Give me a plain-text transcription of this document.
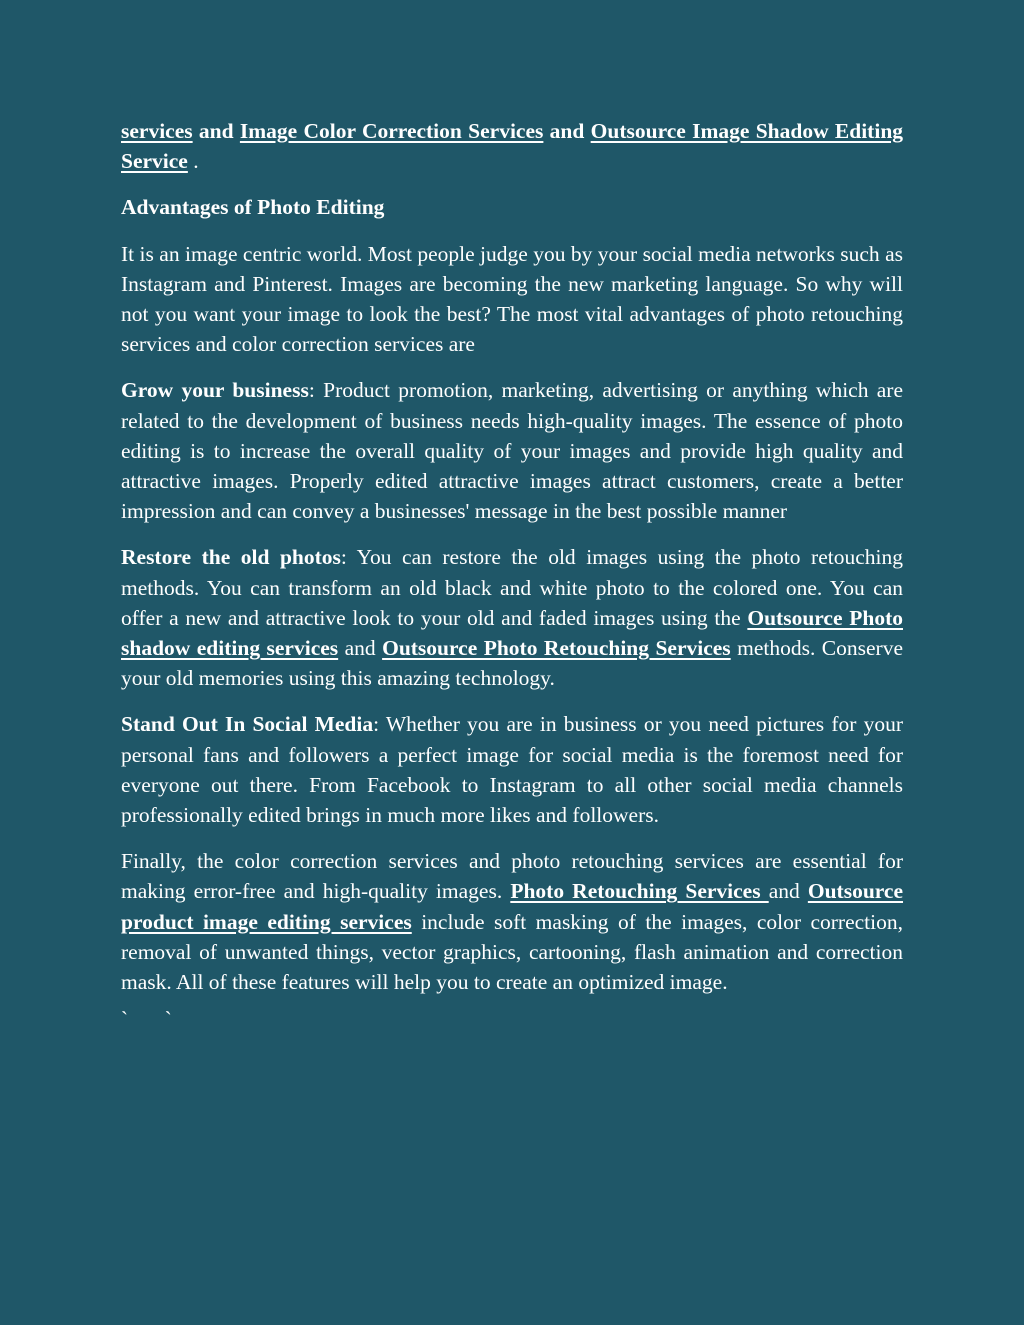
services and Image Color Correction Services and Outsource Image Shadow Editing Service .

Advantages of Photo Editing

It is an image centric world. Most people judge you by your social media networks such as Instagram and Pinterest. Images are becoming the new marketing language. So why will not you want your image to look the best? The most vital advantages of photo retouching services and color correction services are

Grow your business: Product promotion, marketing, advertising or anything which are related to the development of business needs high-quality images. The essence of photo editing is to increase the overall quality of your images and provide high quality and attractive images. Properly edited attractive images attract customers, create a better impression and can convey a businesses' message in the best possible manner

Restore the old photos: You can restore the old images using the photo retouching methods. You can transform an old black and white photo to the colored one. You can offer a new and attractive look to your old and faded images using the Outsource Photo shadow editing services and Outsource Photo Retouching Services methods. Conserve your old memories using this amazing technology.

Stand Out In Social Media: Whether you are in business or you need pictures for your personal fans and followers a perfect image for social media is the foremost need for everyone out there. From Facebook to Instagram to all other social media channels professionally edited brings in much more likes and followers.

Finally, the color correction services and photo retouching services are essential for making error-free and high-quality images. Photo Retouching Services and Outsource product image editing services include soft masking of the images, color correction, removal of unwanted things, vector graphics, cartooning, flash animation and correction mask. All of these features will help you to create an optimized image.

`       `
